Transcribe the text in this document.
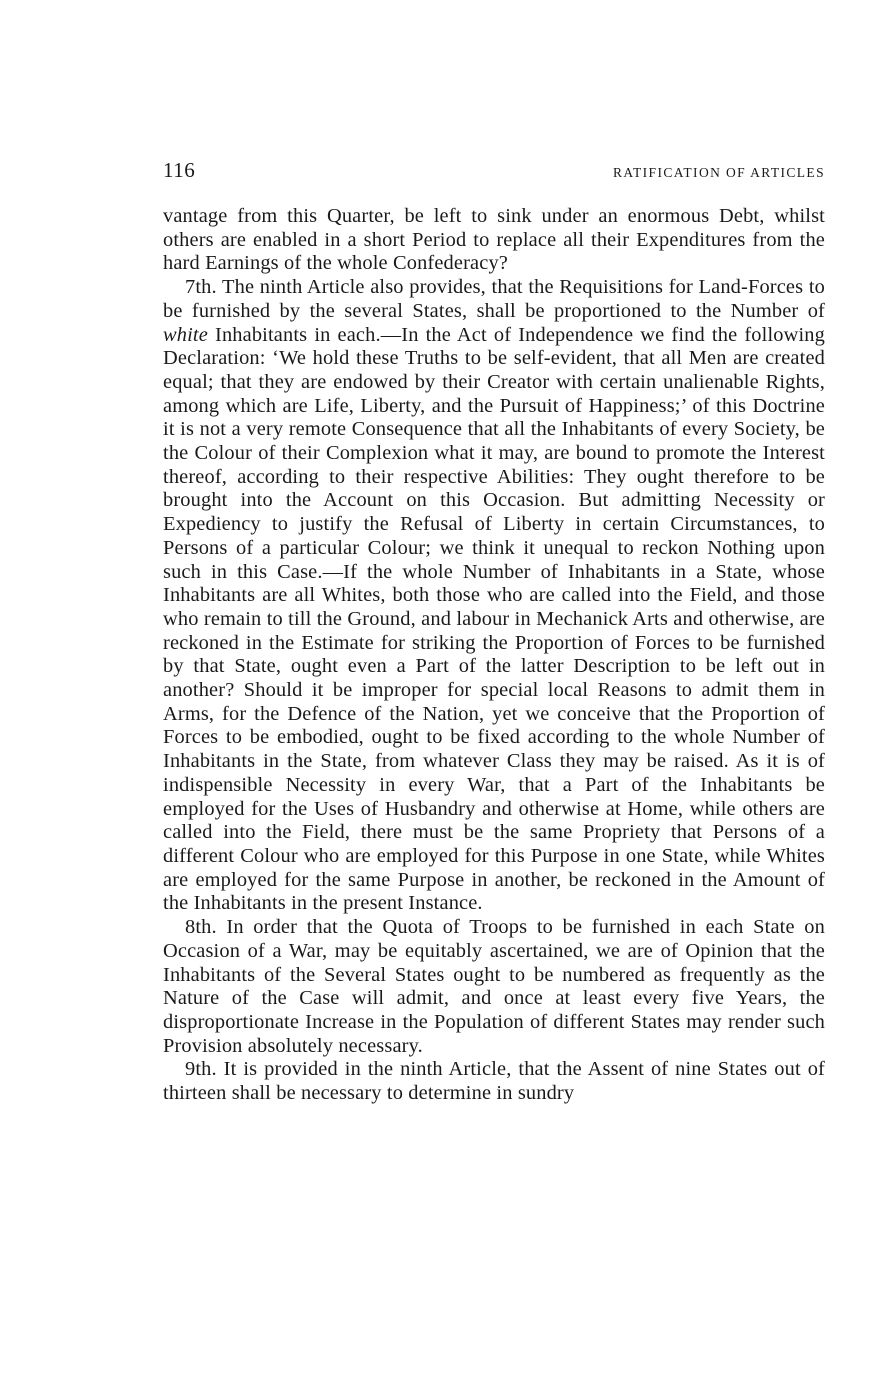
116	RATIFICATION OF ARTICLES

vantage from this Quarter, be left to sink under an enormous Debt, whilst others are enabled in a short Period to replace all their Expenditures from the hard Earnings of the whole Confederacy?

7th. The ninth Article also provides, that the Requisitions for Land-Forces to be furnished by the several States, shall be proportioned to the Number of white Inhabitants in each.—In the Act of Independence we find the following Declaration: ‘We hold these Truths to be self-evident, that all Men are created equal; that they are endowed by their Creator with certain unalienable Rights, among which are Life, Liberty, and the Pursuit of Happiness;’ of this Doctrine it is not a very remote Consequence that all the Inhabitants of every Society, be the Colour of their Complexion what it may, are bound to promote the Interest thereof, according to their respective Abilities: They ought therefore to be brought into the Account on this Occasion. But admitting Necessity or Expediency to justify the Refusal of Liberty in certain Circumstances, to Persons of a particular Colour; we think it unequal to reckon Nothing upon such in this Case.—If the whole Number of Inhabitants in a State, whose Inhabitants are all Whites, both those who are called into the Field, and those who remain to till the Ground, and labour in Mechanick Arts and otherwise, are reckoned in the Estimate for striking the Proportion of Forces to be furnished by that State, ought even a Part of the latter Description to be left out in another? Should it be improper for special local Reasons to admit them in Arms, for the Defence of the Nation, yet we conceive that the Proportion of Forces to be embodied, ought to be fixed according to the whole Number of Inhabitants in the State, from whatever Class they may be raised. As it is of indispensible Necessity in every War, that a Part of the Inhabitants be employed for the Uses of Husbandry and otherwise at Home, while others are called into the Field, there must be the same Propriety that Persons of a different Colour who are employed for this Purpose in one State, while Whites are employed for the same Purpose in another, be reckoned in the Amount of the Inhabitants in the present Instance.

8th. In order that the Quota of Troops to be furnished in each State on Occasion of a War, may be equitably ascertained, we are of Opinion that the Inhabitants of the Several States ought to be numbered as frequently as the Nature of the Case will admit, and once at least every five Years, the disproportionate Increase in the Population of different States may render such Provision absolutely necessary.

9th. It is provided in the ninth Article, that the Assent of nine States out of thirteen shall be necessary to determine in sundry
